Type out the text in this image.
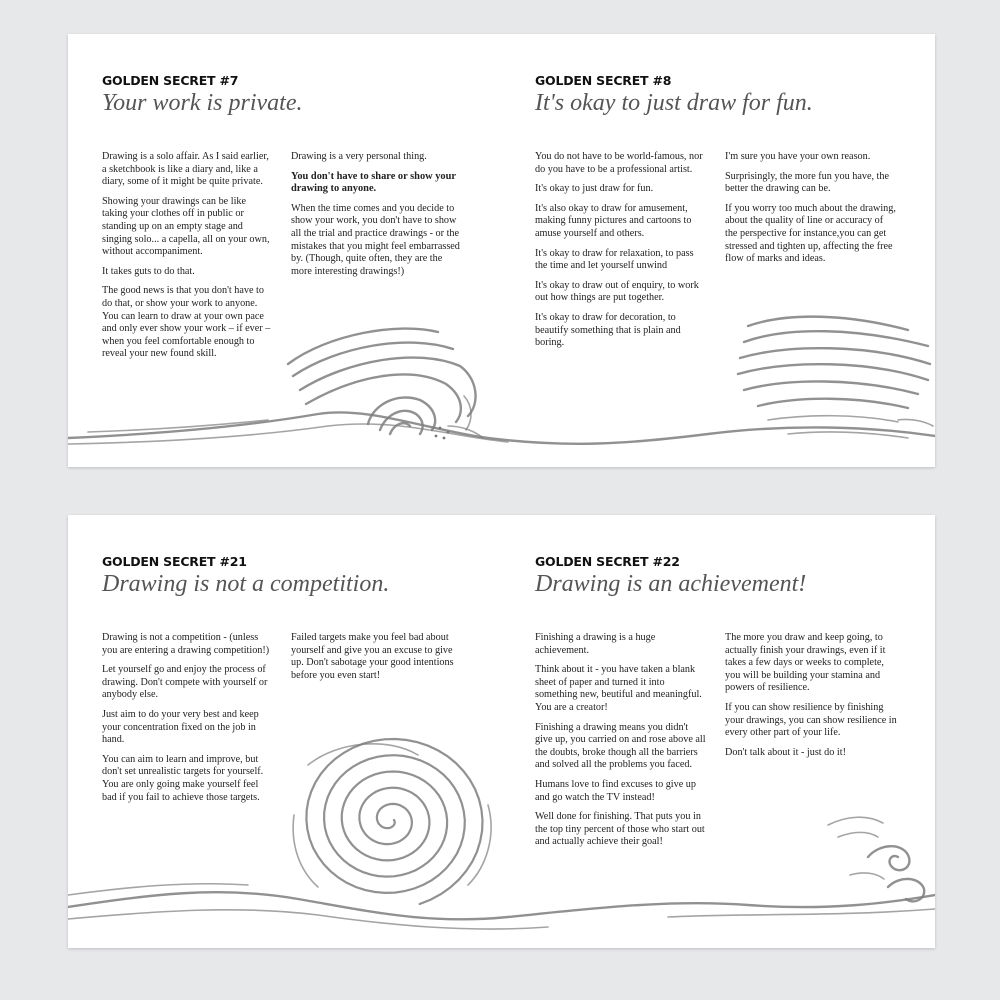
GOLDEN SECRET #7
Your work is private.

Drawing is a solo affair. As I said earlier, a sketchbook is like a diary and, like a diary, some of it might be quite private.

Showing your drawings can be like taking your clothes off in public or standing up on an empty stage and singing solo... a capella, all on your own, without accompaniment.

It takes guts to do that.

The good news is that you don't have to do that, or show your work to anyone. You can learn to draw at your own pace and only ever show your work – if ever – when you feel comfortable enough to reveal your new found skill.

Drawing is a very personal thing.

You don't have to share or show your drawing to anyone.

When the time comes and you decide to show your work, you don't have to show all the trial and practice drawings - or the mistakes that you might feel embarrassed by. (Though, quite often, they are the more interesting drawings!)

GOLDEN SECRET #8
It's okay to just draw for fun.

You do not have to be world-famous, nor do you have to be a professional artist.

It's okay to just draw for fun.

It's also okay to draw for amusement, making funny pictures and cartoons to amuse yourself and others.

It's okay to draw for relaxation, to pass the time and let yourself unwind

It's okay to draw out of enquiry, to work out how things are put together.

It's okay to draw for decoration, to beautify something that is plain and boring.

I'm sure you have your own reason.

Surprisingly, the more fun you have, the better the drawing can be.

If you worry too much about the drawing, about the quality of line or accuracy of the perspective for instance,you can get stressed and tighten up, affecting the free flow of marks and ideas.

GOLDEN SECRET #21
Drawing is not a competition.

Drawing is not a competition - (unless you are entering a drawing competition!)

Let yourself go and enjoy the process of drawing. Don't compete with yourself or anybody else.

Just aim to do your very best and keep your concentration fixed on the job in hand.

You can aim to learn and improve, but don't set unrealistic targets for yourself. You are only going make yourself feel bad if you fail to achieve those targets.

Failed targets make you feel bad about yourself and give you an excuse to give up. Don't sabotage your good intentions before you even start!

GOLDEN SECRET #22
Drawing is an achievement!

Finishing a drawing is a huge achievement.

Think about it - you have taken a blank sheet of paper and turned it into something new, beutiful and meaningful. You are a creator!

Finishing a drawing means you didn't give up, you carried on and rose above all the doubts, broke though all the barriers and solved all the problems you faced.

Humans love to find excuses to give up and go watch the TV instead!

Well done for finishing. That puts you in the top tiny percent of those who start out and actually achieve their goal!

The more you draw and keep going, to actually finish your drawings, even if it takes a few days or weeks to complete, you will be building your stamina and powers of resilience.

If you can show resilience by finishing your drawings, you can show resilience in every other part of your life.

Don't talk about it - just do it!
